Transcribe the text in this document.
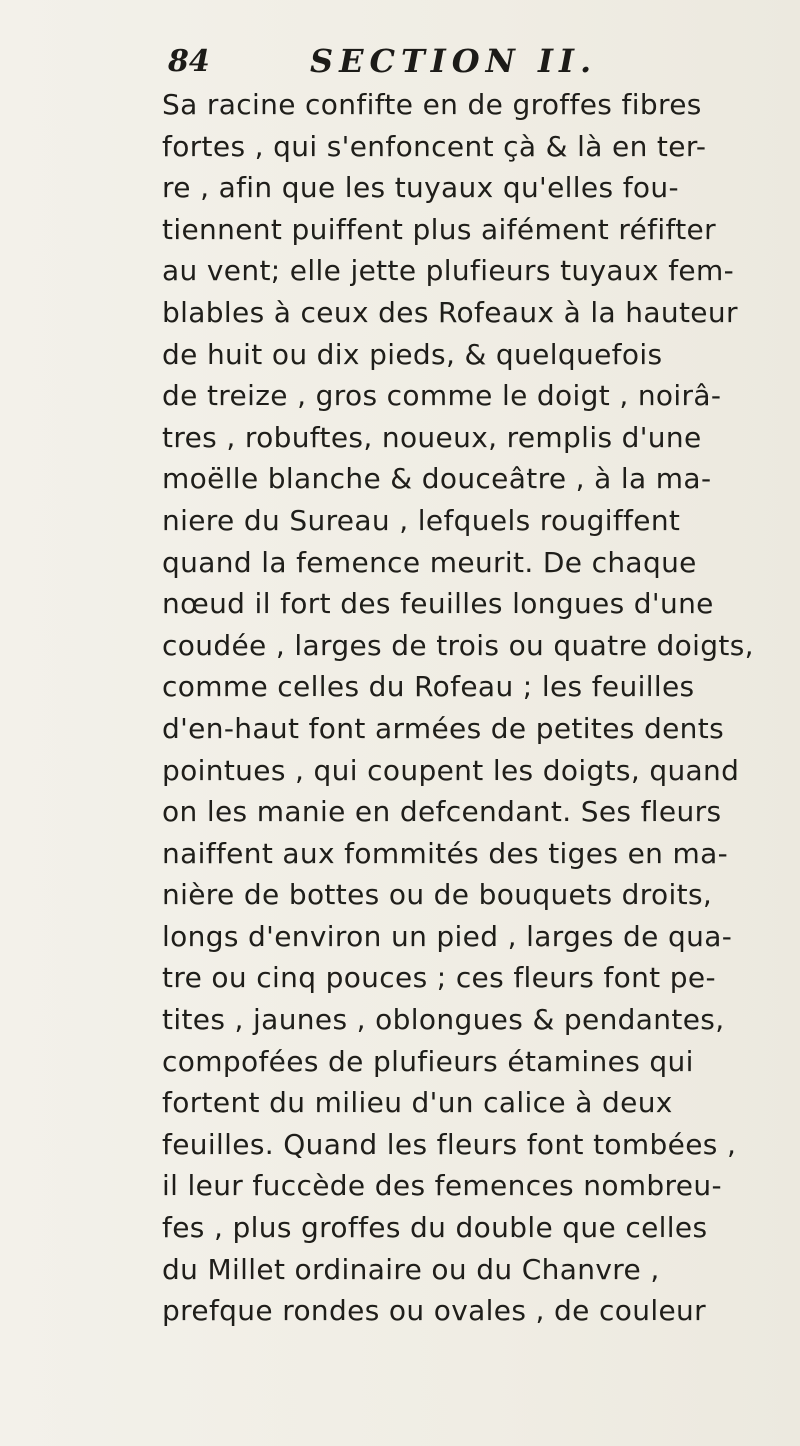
84	SECTION II.
Sa racine confifte en de groffes fibres
fortes , qui s'enfoncent çà & là en ter-
re , afin que les tuyaux qu'elles fou-
tiennent puiffent plus aifément réfifter
au vent; elle jette plufieurs tuyaux fem-
blables à ceux des Rofeaux à la hauteur
de huit ou dix pieds, & quelquefois
de treize , gros comme le doigt , noirâ-
tres , robuftes, noueux, remplis d'une
moëlle blanche & douceâtre , à la ma-
niere du Sureau , lefquels rougiffent
quand la femence meurit. De chaque
nœud il fort des feuilles longues d'une
coudée , larges de trois ou quatre doigts,
comme celles du Rofeau ; les feuilles
d'en-haut font armées de petites dents
pointues , qui coupent les doigts, quand
on les manie en defcendant. Ses fleurs
naiffent aux fommités des tiges en ma-
nière de bottes ou de bouquets droits,
longs d'environ un pied , larges de qua-
tre ou cinq pouces ; ces fleurs font pe-
tites , jaunes , oblongues & pendantes,
compofées de plufieurs étamines qui
fortent du milieu d'un calice à deux
feuilles. Quand les fleurs font tombées ,
il leur fuccède des femences nombreu-
fes , plus groffes du double que celles
du Millet ordinaire ou du Chanvre ,
prefque rondes ou ovales , de couleur
